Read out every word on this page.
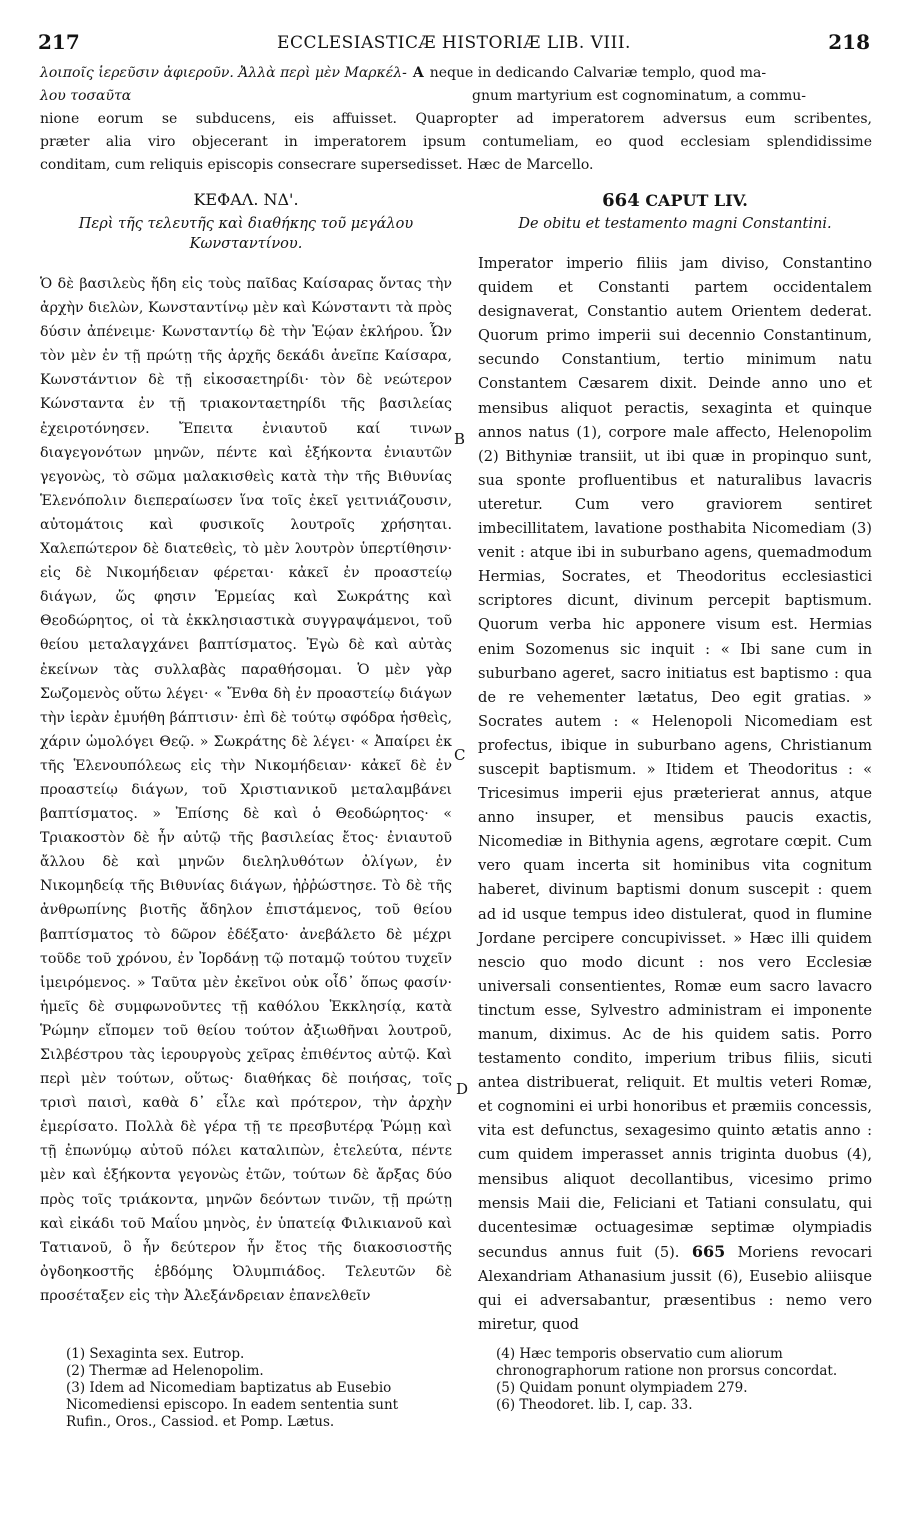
217	ECCLESIASTICÆ HISTORIÆ LIB. VIII.	218
λοιποῖς ἱερεῦσιν ἀφιεροῦν. Ἀλλὰ περὶ μὲν Μαρκέλ- A neque in dedicando Calvariæ templo, quod ma-
λου τοσαῦτα	gnum martyrium est cognominatum, a commu-
nione eorum se subducens, eis affuisset. Quapropter ad imperatorem adversus eum scribentes,
præter alia viro objecerant in imperatorem ipsum contumeliam, eo quod ecclesiam splendidissime
conditam, cum reliquis episcopis consecrare supersedisset. Hæc de Marcello.
ΚΕΦΑΛ. ΝΔ'.
Περὶ τῆς τελευτῆς καὶ διαθήκης τοῦ μεγάλου Κωνσταντίνου.
Ὁ δὲ βασιλεὺς ἤδη εἰς τοὺς παῖδας Καίσαρας ὄντας τὴν ἀρχὴν διελὼν, Κωνσταντίνῳ μὲν καὶ Κώνσταντι τὰ πρὸς δύσιν ἀπένειμε· Κωνσταντίῳ δὲ τὴν Ἑῴαν ἐκλήρου. Ὧν τὸν μὲν ἐν τῇ πρώτῃ τῆς ἀρχῆς δεκάδι ἀνεῖπε Καίσαρα, Κωνστάντιον δὲ τῇ εἰκοσαετηρίδι· τὸν δὲ νεώτερον Κώνσταντα ἐν τῇ τριακονταετηρίδι τῆς βασιλείας ἐχειροτόνησεν. Ἔπειτα ἐνιαυτοῦ καί τινων διαγεγονότων μηνῶν, πέντε καὶ ἑξήκοντα ἐνιαυτῶν γεγονὼς, τὸ σῶμα μαλακισθεὶς κατὰ τὴν τῆς Βιθυνίας Ἑλενόπολιν διεπεραίωσεν ἵνα τοῖς ἐκεῖ γειτνιάζουσιν, αὐτομάτοις καὶ φυσικοῖς λουτροῖς χρήσηται. Χαλεπώτερον δὲ διατεθεὶς, τὸ μὲν λουτρὸν ὑπερτίθησιν· εἰς δὲ Νικομήδειαν φέρεται· κἀκεῖ ἐν προαστείῳ διάγων, ὥς φησιν Ἑρμείας καὶ Σωκράτης καὶ Θεοδώρητος, οἱ τὰ ἐκκλησιαστικὰ συγγραψάμενοι, τοῦ θείου μεταλαγχάνει βαπτίσματος. Ἐγὼ δὲ καὶ αὐτὰς ἐκείνων τὰς συλλαβὰς παραθήσομαι. Ὁ μὲν γὰρ Σωζομενὸς οὕτω λέγει· « Ἔνθα δὴ ἐν προαστείῳ διάγων τὴν ἱερὰν ἐμυήθη βάπτισιν· ἐπὶ δὲ τούτῳ σφόδρα ἡσθεὶς, χάριν ὡμολόγει Θεῷ. » Σωκράτης δὲ λέγει· « Ἀπαίρει ἐκ τῆς Ἑλενουπόλεως εἰς τὴν Νικομήδειαν· κἀκεῖ δὲ ἐν προαστείῳ διάγων, τοῦ Χριστιανικοῦ μεταλαμβάνει βαπτίσματος. » Ἐπίσης δὲ καὶ ὁ Θεοδώρητος· « Τριακοστὸν δὲ ἦν αὐτῷ τῆς βασιλείας ἔτος· ἐνιαυτοῦ ἄλλου δὲ καὶ μηνῶν διεληλυθότων ὀλίγων, ἐν Νικομηδείᾳ τῆς Βιθυνίας διάγων, ἠῤῥώστησε. Τὸ δὲ τῆς ἀνθρωπίνης βιοτῆς ἄδηλον ἐπιστάμενος, τοῦ θείου βαπτίσματος τὸ δῶρον ἐδέξατο· ἀνεβάλετο δὲ μέχρι τοῦδε τοῦ χρόνου, ἐν Ἰορδάνῃ τῷ ποταμῷ τούτου τυχεῖν ἱμειρόμενος. » Ταῦτα μὲν ἐκεῖνοι οὐκ οἶδ᾽ ὅπως φασίν· ἡμεῖς δὲ συμφωνοῦντες τῇ καθόλου Ἐκκλησίᾳ, κατὰ Ῥώμην εἴπομεν τοῦ θείου τούτον ἀξιωθῆναι λουτροῦ, Σιλβέστρου τὰς ἱερουργοὺς χεῖρας ἐπιθέντος αὐτῷ. Καὶ περὶ μὲν τούτων, οὕτως· διαθήκας δὲ ποιήσας, τοῖς τρισὶ παισὶ, καθὰ δ᾽ εἶλε καὶ πρότερον, τὴν ἀρχὴν ἐμερίσατο. Πολλὰ δὲ γέρα τῇ τε πρεσβυτέρᾳ Ῥώμῃ καὶ τῇ ἐπωνύμῳ αὐτοῦ πόλει καταλιπὼν, ἐτελεύτα, πέντε μὲν καὶ ἑξήκοντα γεγονὼς ἐτῶν, τούτων δὲ ἄρξας δύο πρὸς τοῖς τριάκοντα, μηνῶν δεόντων τινῶν, τῇ πρώτῃ καὶ εἰκάδι τοῦ Μαΐου μηνὸς, ἐν ὑπατείᾳ Φιλικιανοῦ καὶ Τατιανοῦ, ὃ ἦν δεύτερον ἦν ἔτος τῆς διακοσιοστῆς ὀγδοηκοστῆς ἑβδόμης Ὀλυμπιάδος. Τελευτῶν δὲ προσέταξεν εἰς τὴν Ἀλεξάνδρειαν ἐπανελθεῖν
664 CAPUT LIV.
De obitu et testamento magni Constantini.
Imperator imperio filiis jam diviso, Constantino quidem et Constanti partem occidentalem designaverat, Constantio autem Orientem dederat. Quorum primo imperii sui decennio Constantinum, secundo Constantium, tertio minimum natu Constantem Cæsarem dixit. Deinde anno uno et mensibus aliquot peractis, sexaginta et quinque annos natus (1), corpore male affecto, Helenopolim (2) Bithyniæ transiit, ut ibi quæ in propinquo sunt, sua sponte profluentibus et naturalibus lavacris uteretur. Cum vero graviorem sentiret imbecillitatem, lavatione posthabita Nicomediam (3) venit : atque ibi in suburbano agens, quemadmodum Hermias, Socrates, et Theodoritus ecclesiastici scriptores dicunt, divinum percepit baptismum. Quorum verba hic apponere visum est. Hermias enim Sozomenus sic inquit : « Ibi sane cum in suburbano ageret, sacro initiatus est baptismo : qua de re vehementer lætatus, Deo egit gratias. » Socrates autem : « Helenopoli Nicomediam est profectus, ibique in suburbano agens, Christianum suscepit baptismum. » Itidem et Theodoritus : « Tricesimus imperii ejus præterierat annus, atque anno insuper, et mensibus paucis exactis, Nicomediæ in Bithynia agens, ægrotare cœpit. Cum vero quam incerta sit hominibus vita cognitum haberet, divinum baptismi donum suscepit : quem ad id usque tempus ideo distulerat, quod in flumine Jordane percipere concupivisset. » Hæc illi quidem nescio quo modo dicunt : nos vero Ecclesiæ universali consentientes, Romæ eum sacro lavacro tinctum esse, Sylvestro administram ei imponente manum, diximus. Ac de his quidem satis. Porro testamento condito, imperium tribus filiis, sicuti antea distribuerat, reliquit. Et multis veteri Romæ, et cognomini ei urbi honoribus et præmiis concessis, vita est defunctus, sexagesimo quinto ætatis anno : cum quidem imperasset annis triginta duobus (4), mensibus aliquot decollantibus, vicesimo primo mensis Maii die, Feliciani et Tatiani consulatu, qui ducentesimæ octuagesimæ septimæ olympiadis secundus annus fuit (5). 665 Moriens revocari Alexandriam Athanasium jussit (6), Eusebio aliisque qui ei adversabantur, præsentibus : nemo vero miretur, quod
B
C
D

(1) Sexaginta sex. Eutrop.

(2) Thermæ ad Helenopolim.

(3) Idem ad Nicomediam baptizatus ab Eusebio Nicomediensi episcopo. In eadem sententia sunt Rufin., Oros., Cassiod. et Pomp. Lætus.

(4) Hæc temporis observatio cum aliorum chronographorum ratione non prorsus concordat.

(5) Quidam ponunt olympiadem 279.

(6) Theodoret. lib. I, cap. 33.
